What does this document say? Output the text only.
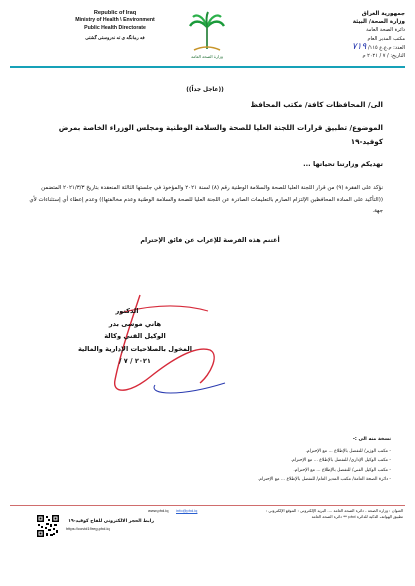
Republic of Iraq
Ministry of Health \ Environment
Public Health Directorate
فه رمانگه ى ته ندروستى گشتى
وزارة الصحة العامة
جمهورية العراق
وزارة الصحة/ البيئة
دائرة الصحة العامة
مكتب المدير العام
العدد: م.ع.ع ١١٥/ ٧١٩
التاريخ: / ٧ / ٢٠٢١ م
((عاجل جداً))
الى/ المحافظات كافة/ مكتب المحافظ
الموضوع/ تطبيق قرارات اللجنة العليا للصحة والسلامة الوطنية ومجلس الوزراء الخاصة بمرض كوفيد-١٩
تهديكم وزارتنا تحياتها ...
نؤكد على الفقرة (٩) من قرار اللجنة العليا للصحة والسلامة الوطنية رقم (٨) لسنة ٢٠٢١ والمؤخوذ في جلستها الثالثة المنعقدة بتاريخ ٢٠٢١/٣/٣ المتضمن ((التأكيد على السادة المحافظين الإلتزام الصارم بالتعليمات الصادرة عن اللجنة العليا للصحة والسلامة الوطنية وعدم مخالفتها)) وعدم إعطاء أي إستثناءات لأي جهة.
أغتنم هذه الفرصة للإعراب عن فائق الإحترام
الدكتور
هاني موسى بدر
الوكيل الفني وكالة
المخول بالصلاحيات الإدارية والمالية
٢٠٢١ / ٧ /
نسخة منه الى :-
- مكتب الوزير/ للتفضل بالإطلاع ... مع الإحترام.
- مكتب الوكيل الإداري/ للتفضل بالإطلاع ... مع الإحترام.
- مكتب الوكيل الفني/ للتفضل بالإطلاع ... مع الإحترام.
- دائرة الصحة العامة/ مكتب المدير العام/ للتفضل بالإطلاع ... مع الإحترام.
العنوان : وزارة الصحة - دائرة الصحة العامة .... البريد الإلكتروني : الموقع الإلكتروني :
تطبيق الهواتف الذكية للدائرة phd ** دائرة الصحة العامة
www.phd.iq info@phd.iq
رابط الحجز الالكتروني للقاح كوفيد-١٩
https://covid19reg.phd.iq
